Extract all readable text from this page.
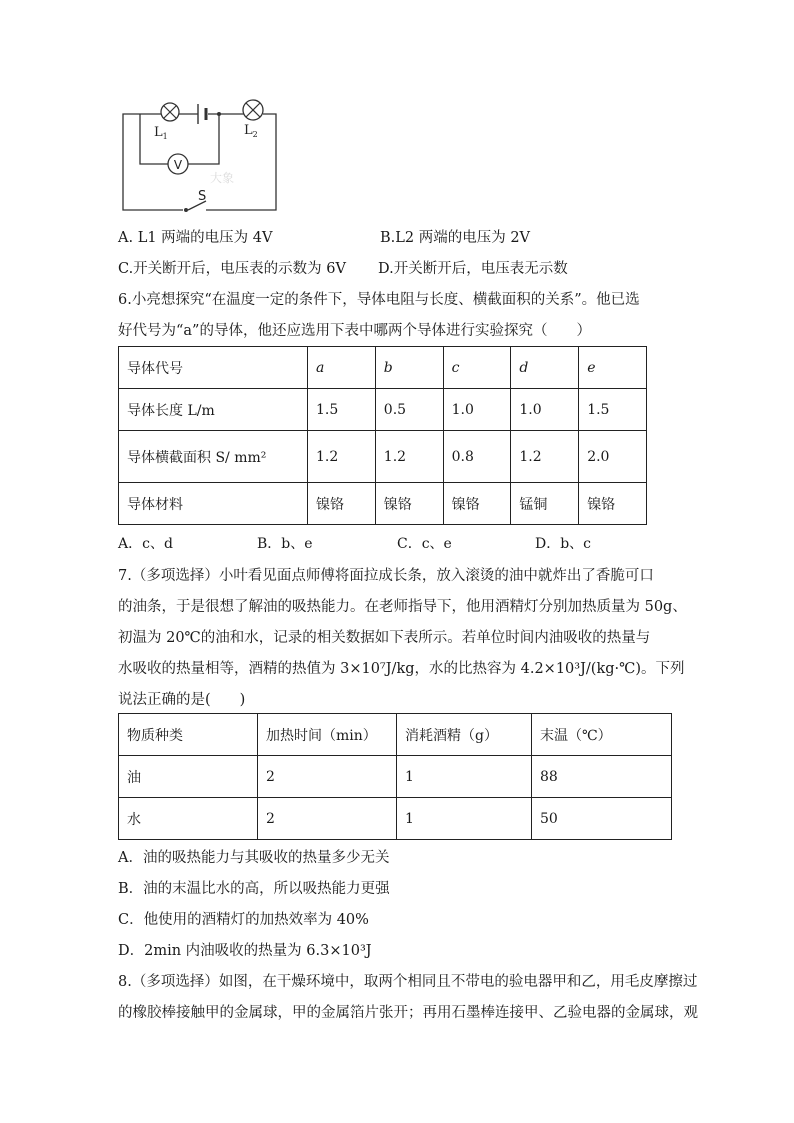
V
$L_1$	$L_2$
S
大象
A. L1 两端的电压为 4V	B.L2 两端的电压为 2V
C.开关断开后，电压表的示数为 6V D.开关断开后，电压表无示数
6.小亮想探究“在温度一定的条件下，导体电阻与长度、横截面积的关系”。他已选
好代号为“a”的导体，他还应选用下表中哪两个导体进行实验探究（　　）
导体代号	a	b	c	d	e
导体长度 L/m	1.5	0.5	1.0	1.0	1.5
导体横截面积 S/ mm²	1.2	1.2	0.8	1.2	2.0
导体材料	镍铬	镍铬	镍铬	锰铜	镍铬
A．c、d	B．b、e	C．c、e	D．b、c
7.（多项选择）小叶看见面点师傅将面拉成长条，放入滚烫的油中就炸出了香脆可口
的油条，于是很想了解油的吸热能力。在老师指导下，他用酒精灯分别加热质量为 50g、
初温为 20℃的油和水，记录的相关数据如下表所示。若单位时间内油吸收的热量与
水吸收的热量相等，酒精的热值为 3×10⁷J/kg，水的比热容为 4.2×10³J/(kg·℃)。下列
说法正确的是(　　)
物质种类	加热时间（min）	消耗酒精（g）	末温（℃）
油	2	1	88
水	2	1	50
A．油的吸热能力与其吸收的热量多少无关
B．油的末温比水的高，所以吸热能力更强
C．他使用的酒精灯的加热效率为 40%
D．2min 内油吸收的热量为 6.3×10³J
8.（多项选择）如图，在干燥环境中，取两个相同且不带电的验电器甲和乙，用毛皮摩擦过
的橡胶棒接触甲的金属球，甲的金属箔片张开；再用石墨棒连接甲、乙验电器的金属球，观
